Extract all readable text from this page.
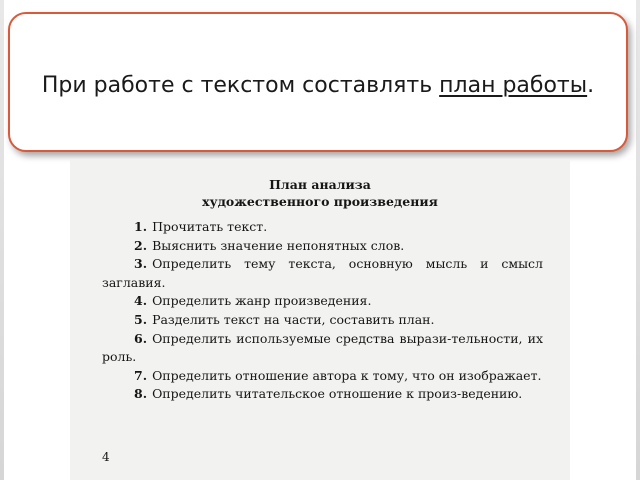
При работе с текстом составлять план работы.
План анализа
художественного произведения
1. Прочитать текст.
2. Выяснить значение непонятных слов.
3. Определить тему текста, основную мысль и смысл заглавия.
4. Определить жанр произведения.
5. Разделить текст на части, составить план.
6. Определить используемые средства вырази-тельности, их роль.
7. Определить отношение автора к тому, что он изображает.
8. Определить читательское отношение к произ-ведению.
4
